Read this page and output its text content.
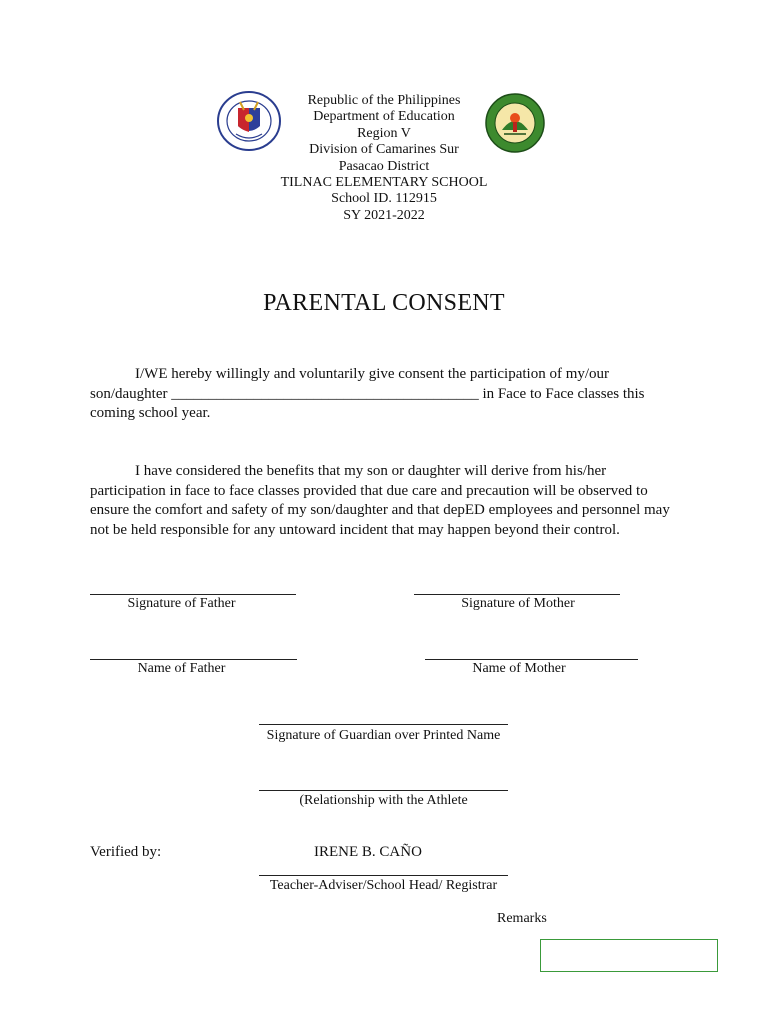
Republic of the Philippines
Department of Education
Region V
Division of Camarines Sur
Pasacao District
TILNAC ELEMENTARY SCHOOL
School ID. 112915
SY 2021-2022
PARENTAL CONSENT
I/WE hereby willingly and voluntarily give consent the participation of my/our son/daughter _________________________________________ in Face to Face classes this coming school year.
I have considered the benefits that my son or daughter will derive from his/her participation in face to face classes provided that due care and precaution will be observed to ensure the comfort and safety of my son/daughter and that depED employees and personnel may not be held responsible for any untoward incident that may happen beyond their control.
Signature of Father	Signature of Mother
Name of Father	Name of Mother
Signature of Guardian over Printed Name
(Relationship with the Athlete
Verified by:	IRENE B. CAÑO
Teacher-Adviser/School Head/ Registrar
Remarks
